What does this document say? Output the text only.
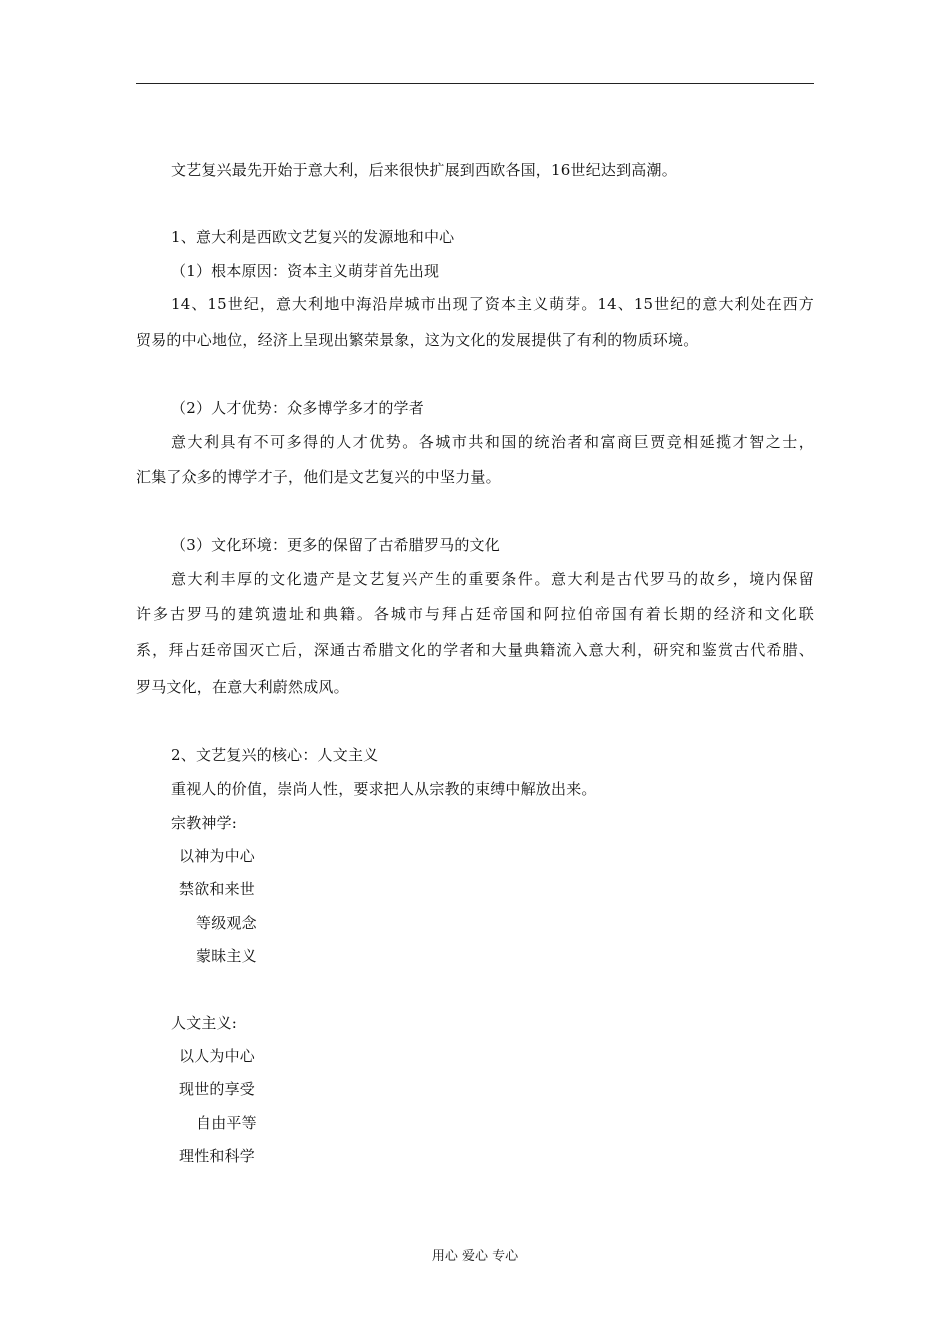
文艺复兴最先开始于意大利，后来很快扩展到西欧各国，16世纪达到高潮。
1、意大利是西欧文艺复兴的发源地和中心
（1）根本原因：资本主义萌芽首先出现
14、15世纪，意大利地中海沿岸城市出现了资本主义萌芽。14、15世纪的意大利处在西方
贸易的中心地位，经济上呈现出繁荣景象，这为文化的发展提供了有利的物质环境。
（2）人才优势：众多博学多才的学者
意大利具有不可多得的人才优势。各城市共和国的统治者和富商巨贾竞相延揽才智之士，
汇集了众多的博学才子，他们是文艺复兴的中坚力量。
（3）文化环境：更多的保留了古希腊罗马的文化
意大利丰厚的文化遗产是文艺复兴产生的重要条件。意大利是古代罗马的故乡，境内保留
许多古罗马的建筑遗址和典籍。各城市与拜占廷帝国和阿拉伯帝国有着长期的经济和文化联
系，拜占廷帝国灭亡后，深通古希腊文化的学者和大量典籍流入意大利，研究和鉴赏古代希腊、
罗马文化，在意大利蔚然成风。
2、文艺复兴的核心：人文主义
重视人的价值，崇尚人性，要求把人从宗教的束缚中解放出来。
宗教神学:
以神为中心
禁欲和来世
等级观念
蒙昧主义
人文主义:
以人为中心
现世的享受
自由平等
理性和科学
用心 爱心 专心
